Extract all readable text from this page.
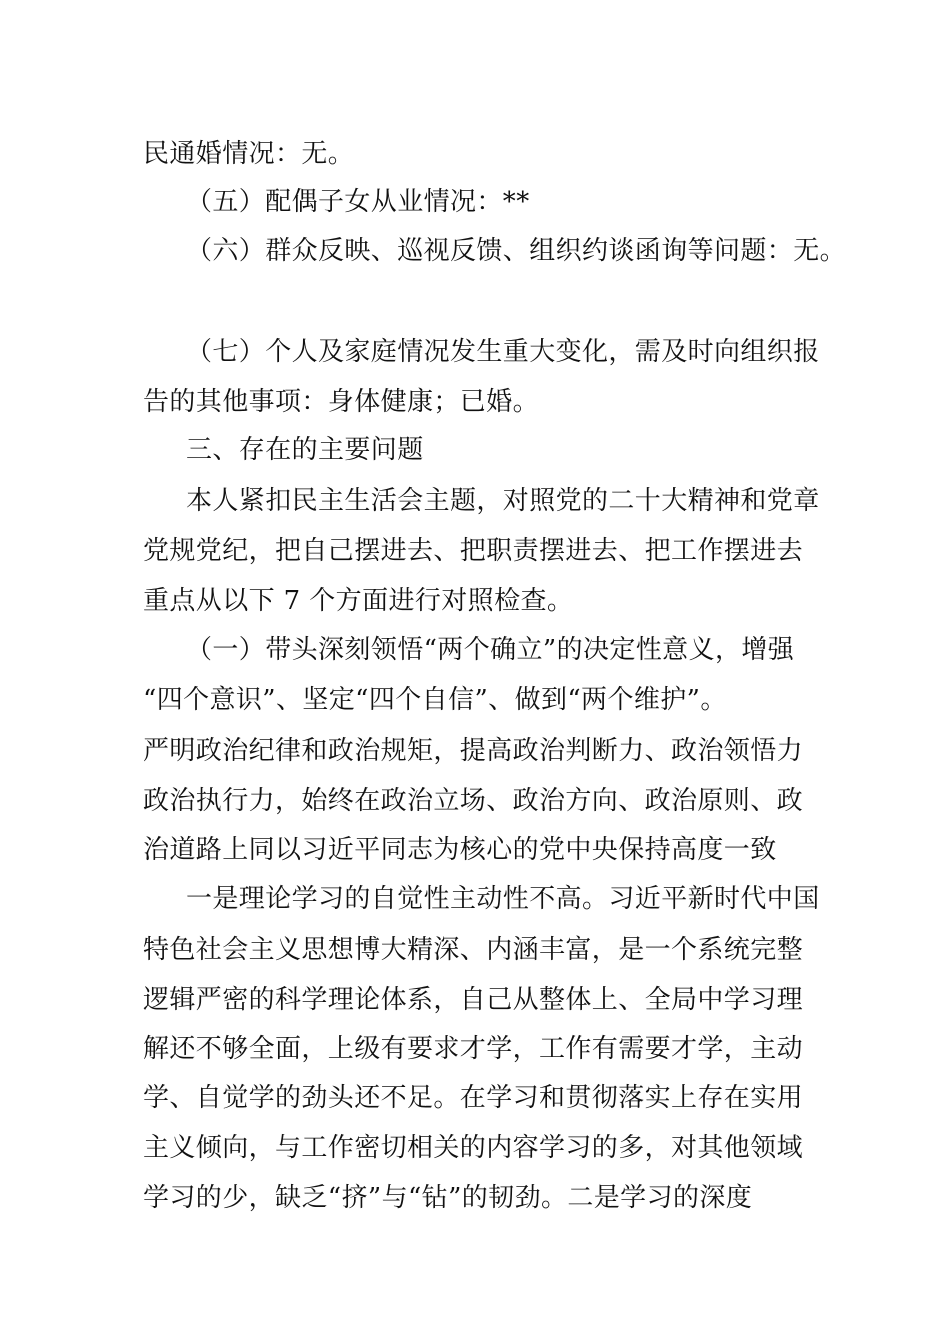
民通婚情况：无。
（五）配偶子女从业情况：**
（六）群众反映、巡视反馈、组织约谈函询等问题：无。
（七）个人及家庭情况发生重大变化，需及时向组织报
告的其他事项：身体健康；已婚。
三、存在的主要问题
本人紧扣民主生活会主题，对照党的二十大精神和党章
党规党纪，把自己摆进去、把职责摆进去、把工作摆进去
重点从以下 7 个方面进行对照检查。
（一）带头深刻领悟“两个确立”的决定性意义，增强
“四个意识”、坚定“四个自信”、做到“两个维护”。
严明政治纪律和政治规矩，提高政治判断力、政治领悟力
政治执行力，始终在政治立场、政治方向、政治原则、政
治道路上同以习近平同志为核心的党中央保持高度一致
一是理论学习的自觉性主动性不高。习近平新时代中国
特色社会主义思想博大精深、内涵丰富，是一个系统完整
逻辑严密的科学理论体系，自己从整体上、全局中学习理
解还不够全面，上级有要求才学，工作有需要才学，主动
学、自觉学的劲头还不足。在学习和贯彻落实上存在实用
主义倾向，与工作密切相关的内容学习的多，对其他领域
学习的少，缺乏“挤”与“钻”的韧劲。二是学习的深度
